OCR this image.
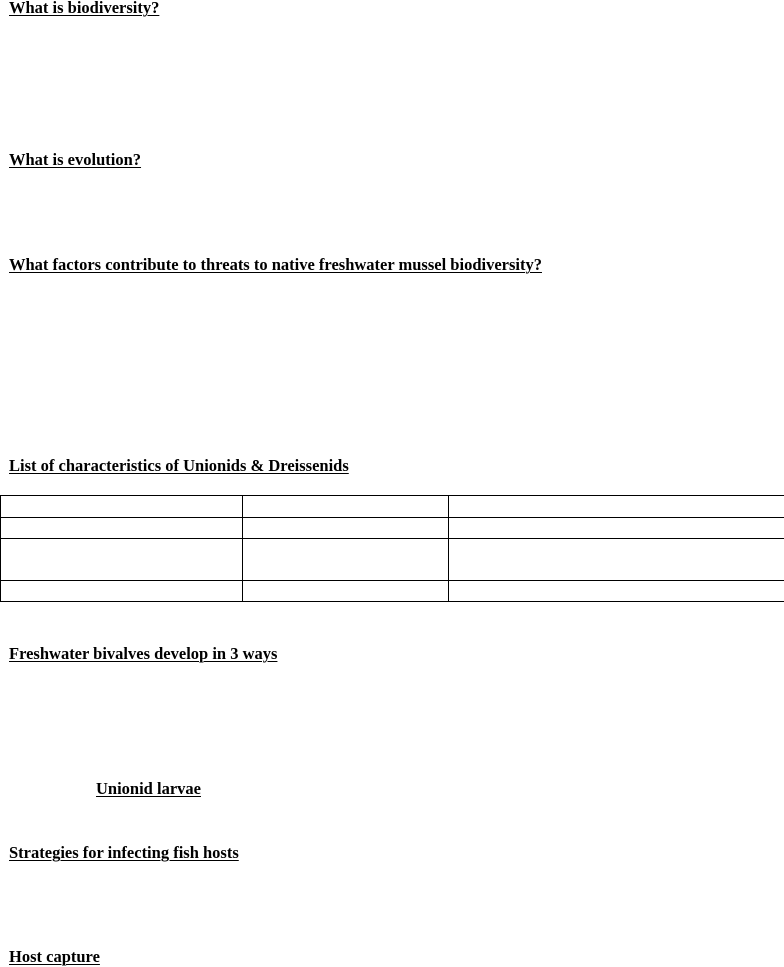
What is biodiversity?
What is evolution?
What factors contribute to threats to native freshwater mussel biodiversity?
List of characteristics of Unionids & Dreissenids

Freshwater bivalves develop in 3 ways
Unionid larvae
Strategies for infecting fish hosts
Host capture
